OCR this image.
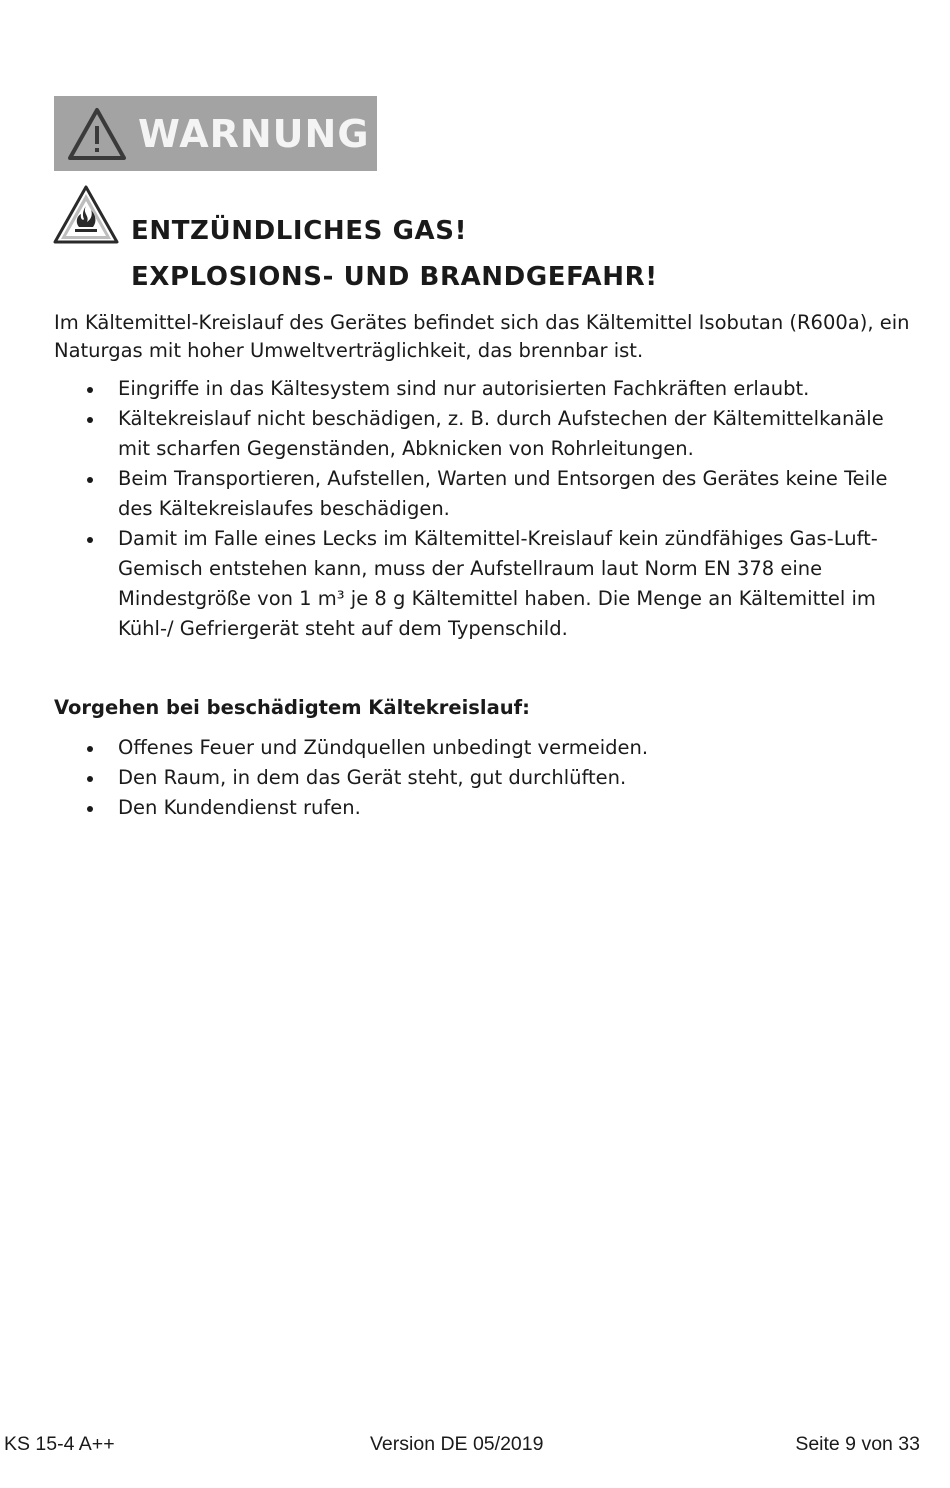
WARNUNG
ENTZÜNDLICHES GAS!
EXPLOSIONS- UND BRANDGEFAHR!

Im Kältemittel-Kreislauf des Gerätes befindet sich das Kältemittel Isobutan (R600a), ein Naturgas mit hoher Umweltverträglichkeit, das brennbar ist.

Eingriffe in das Kältesystem sind nur autorisierten Fachkräften erlaubt.
Kältekreislauf nicht beschädigen, z. B. durch Aufstechen der Kältemittelkanäle mit scharfen Gegenständen, Abknicken von Rohrleitungen.
Beim Transportieren, Aufstellen, Warten und Entsorgen des Gerätes keine Teile des Kältekreislaufes beschädigen.
Damit im Falle eines Lecks im Kältemittel-Kreislauf kein zündfähiges Gas-Luft-Gemisch entstehen kann, muss der Aufstellraum laut Norm EN 378 eine Mindestgröße von 1 m³ je 8 g Kältemittel haben. Die Menge an Kältemittel im Kühl-/ Gefriergerät steht auf dem Typenschild.

Vorgehen bei beschädigtem Kältekreislauf:

Offenes Feuer und Zündquellen unbedingt vermeiden.
Den Raum, in dem das Gerät steht, gut durchlüften.
Den Kundendienst rufen.
KS 15-4 A++	Version DE 05/2019	Seite 9 von 33
